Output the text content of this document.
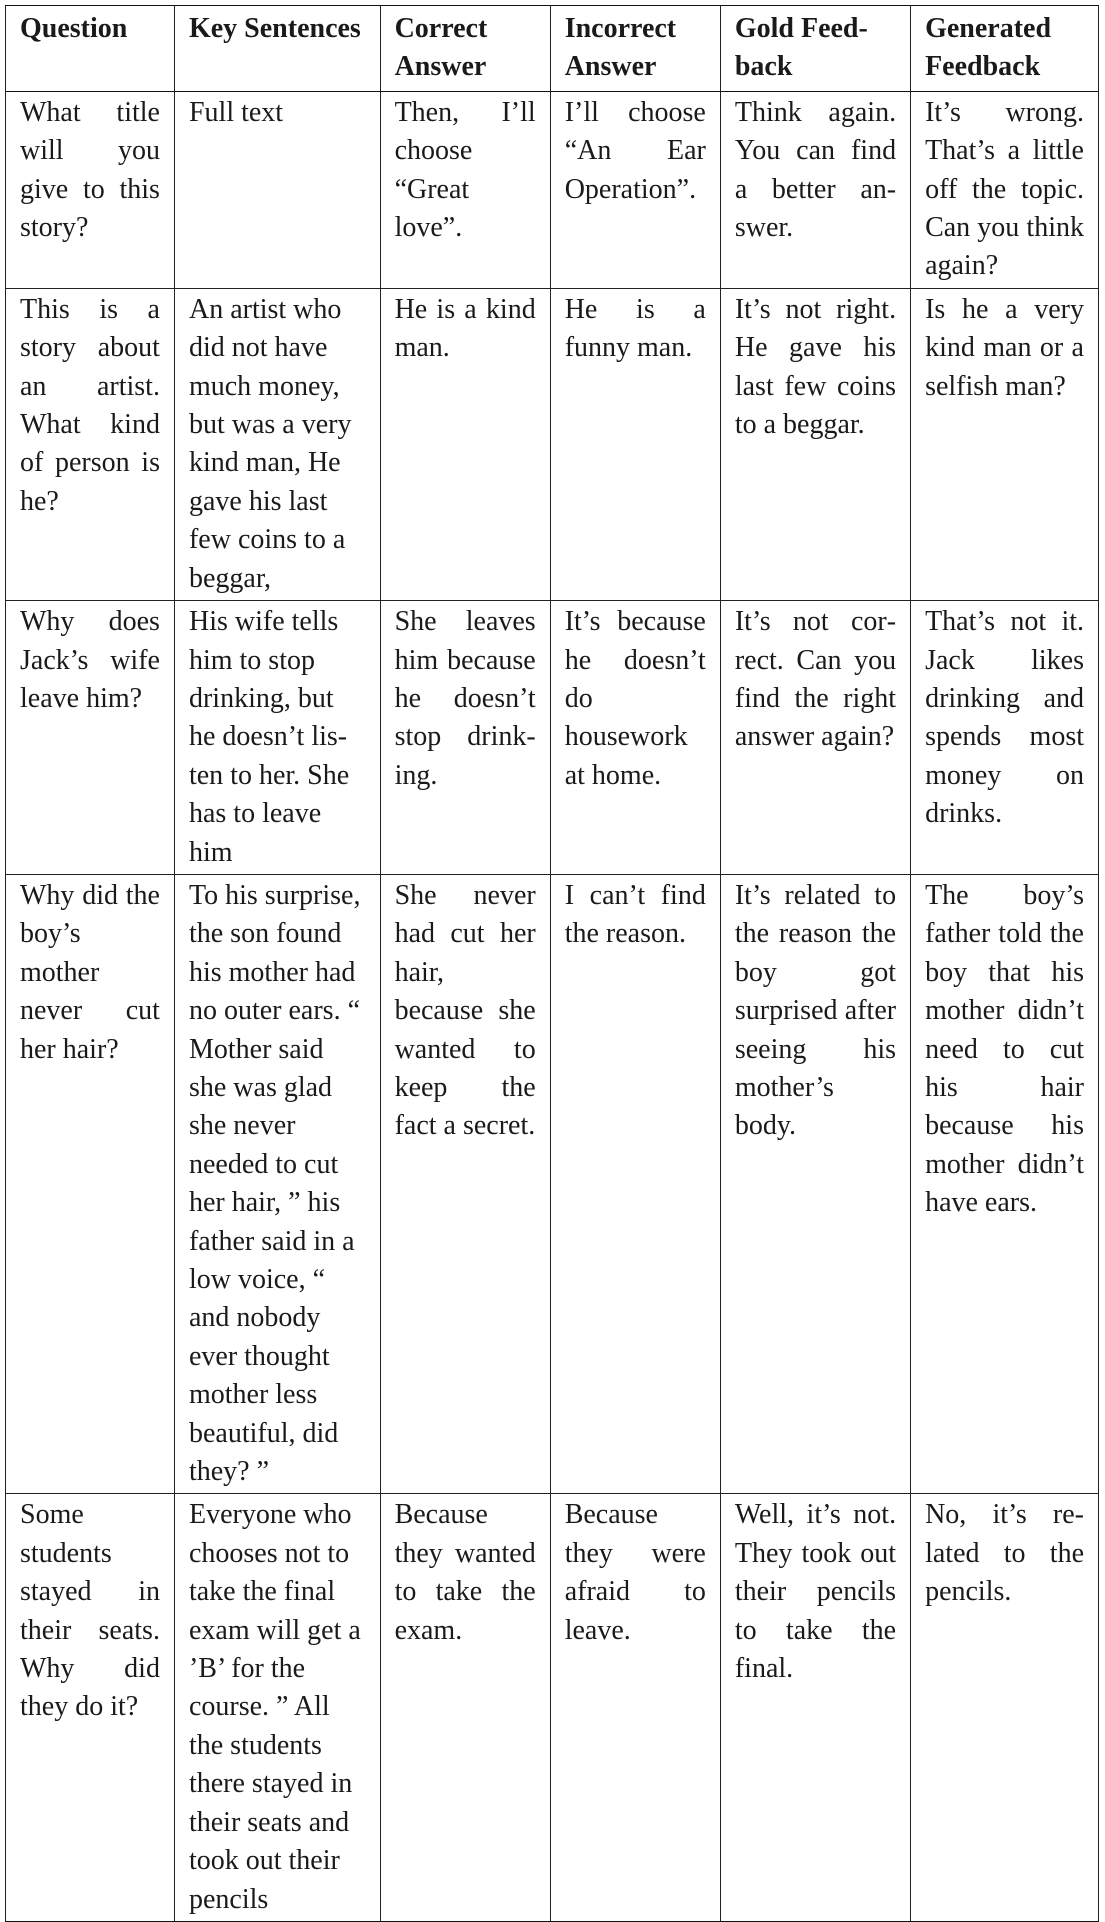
Question	Key Sentences	Correct Answer	Incorrect Answer	Gold Feedback	Generated Feedback
What title will you give to this story?	Full text	Then, I’ll choose “Great love”.	I’ll choose “An Ear Operation”.	Think again. You can find a better answer.	It’s wrong. That’s a little off the topic. Can you think again?
This is a story about an artist. What kind of person is he?	An artist who did not have much money, but was a very kind man, He gave his last few coins to a beggar,	He is a kind man.	He is a funny man.	It’s not right. He gave his last few coins to a beggar.	Is he a very kind man or a selfish man?
Why does Jack’s wife leave him?	His wife tells him to stop drinking, but he doesn’t listen to her. She has to leave him	She leaves him because he doesn’t stop drinking.	It’s because he doesn’t do housework at home.	It’s not correct. Can you find the right answer again?	That’s not it. Jack likes drinking and spends most money on drinks.
Why did the boy’s mother never cut her hair?	To his surprise, the son found his mother had no outer ears. “ Mother said she was glad she never needed to cut her hair, ” his father said in a low voice, “ and nobody ever thought mother less beautiful, did they? ”	She never had cut her hair, because she wanted to keep the fact a secret.	I can’t find the reason.	It’s related to the reason the boy got surprised after seeing his mother’s body.	The boy’s father told the boy that his mother didn’t need to cut his hair because his mother didn’t have ears.
Some students stayed in their seats. Why did they do it?	Everyone who chooses not to take the final exam will get a ’B’ for the course. ” All the students there stayed in their seats and took out their pencils	Because they wanted to take the exam.	Because they were afraid to leave.	Well, it’s not. They took out their pencils to take the final.	No, it’s related to the pencils.
